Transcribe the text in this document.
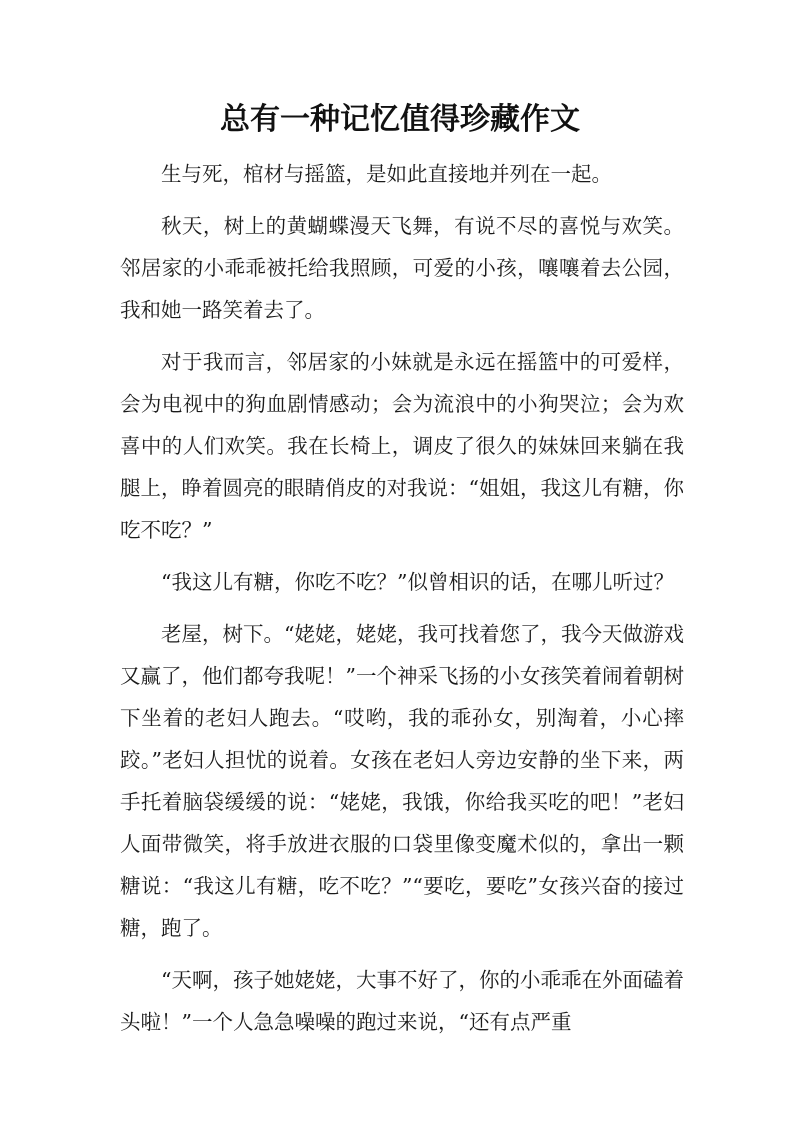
总有一种记忆值得珍藏作文

生与死，棺材与摇篮，是如此直接地并列在一起。

秋天，树上的黄蝴蝶漫天飞舞，有说不尽的喜悦与欢笑。邻居家的小乖乖被托给我照顾，可爱的小孩，嚷嚷着去公园，我和她一路笑着去了。

对于我而言，邻居家的小妹就是永远在摇篮中的可爱样，会为电视中的狗血剧情感动；会为流浪中的小狗哭泣；会为欢喜中的人们欢笑。我在长椅上，调皮了很久的妹妹回来躺在我腿上，睁着圆亮的眼睛俏皮的对我说：“姐姐，我这儿有糖，你吃不吃？”

“我这儿有糖，你吃不吃？”似曾相识的话，在哪儿听过？

老屋，树下。“姥姥，姥姥，我可找着您了，我今天做游戏又赢了，他们都夸我呢！”一个神采飞扬的小女孩笑着闹着朝树下坐着的老妇人跑去。“哎哟，我的乖孙女，别淘着，小心摔跤。”老妇人担忧的说着。女孩在老妇人旁边安静的坐下来，两手托着脑袋缓缓的说：“姥姥，我饿，你给我买吃的吧！”老妇人面带微笑，将手放进衣服的口袋里像变魔术似的，拿出一颗糖说：“我这儿有糖，吃不吃？”“要吃，要吃”女孩兴奋的接过糖，跑了。

“天啊，孩子她姥姥，大事不好了，你的小乖乖在外面磕着头啦！”一个人急急噪噪的跑过来说，“还有点严重
